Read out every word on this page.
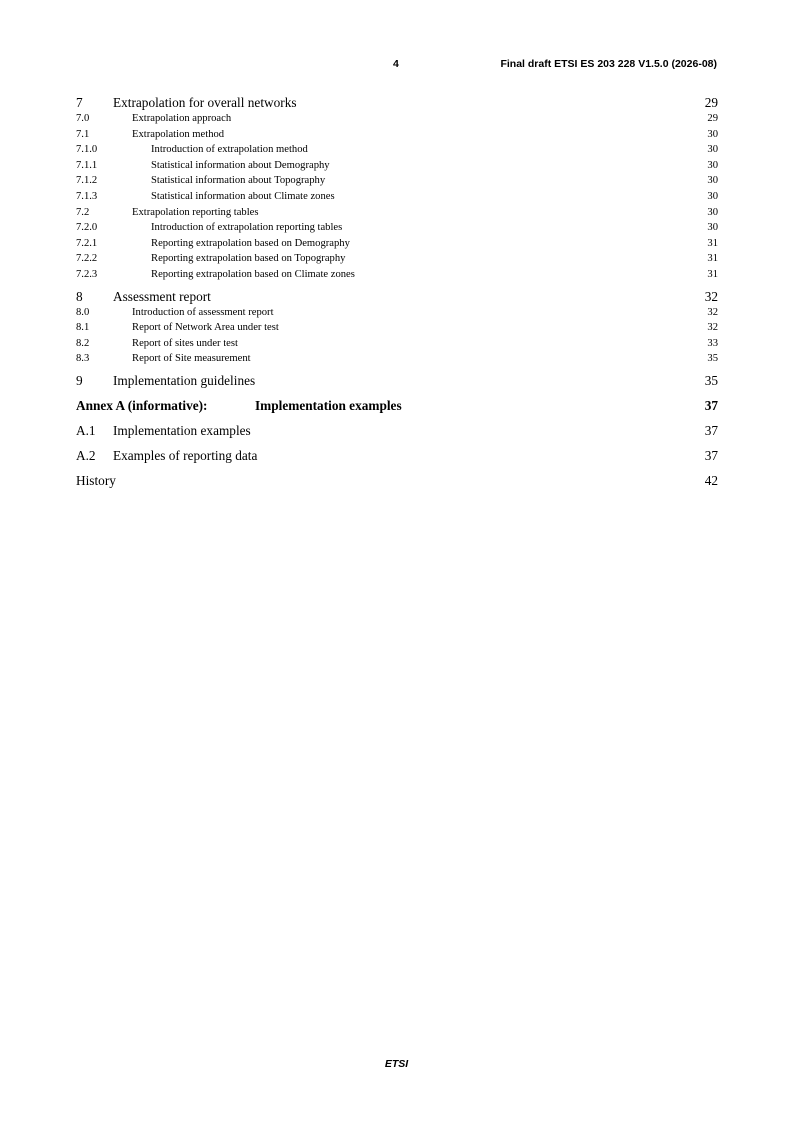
4	Final draft ETSI ES 203 228 V1.5.0 (2026-08)
7	Extrapolation for overall networks	29
7.0	Extrapolation approach	29
7.1	Extrapolation method	30
7.1.0	Introduction of extrapolation method	30
7.1.1	Statistical information about Demography	30
7.1.2	Statistical information about Topography	30
7.1.3	Statistical information about Climate zones	30
7.2	Extrapolation reporting tables	30
7.2.0	Introduction of extrapolation reporting tables	30
7.2.1	Reporting extrapolation based on Demography	31
7.2.2	Reporting extrapolation based on Topography	31
7.2.3	Reporting extrapolation based on Climate zones	31
8	Assessment report	32
8.0	Introduction of assessment report	32
8.1	Report of Network Area under test	32
8.2	Report of sites under test	33
8.3	Report of Site measurement	35
9	Implementation guidelines	35
Annex A (informative):	Implementation examples	37
A.1	Implementation examples	37
A.2	Examples of reporting data	37
History	42
ETSI
